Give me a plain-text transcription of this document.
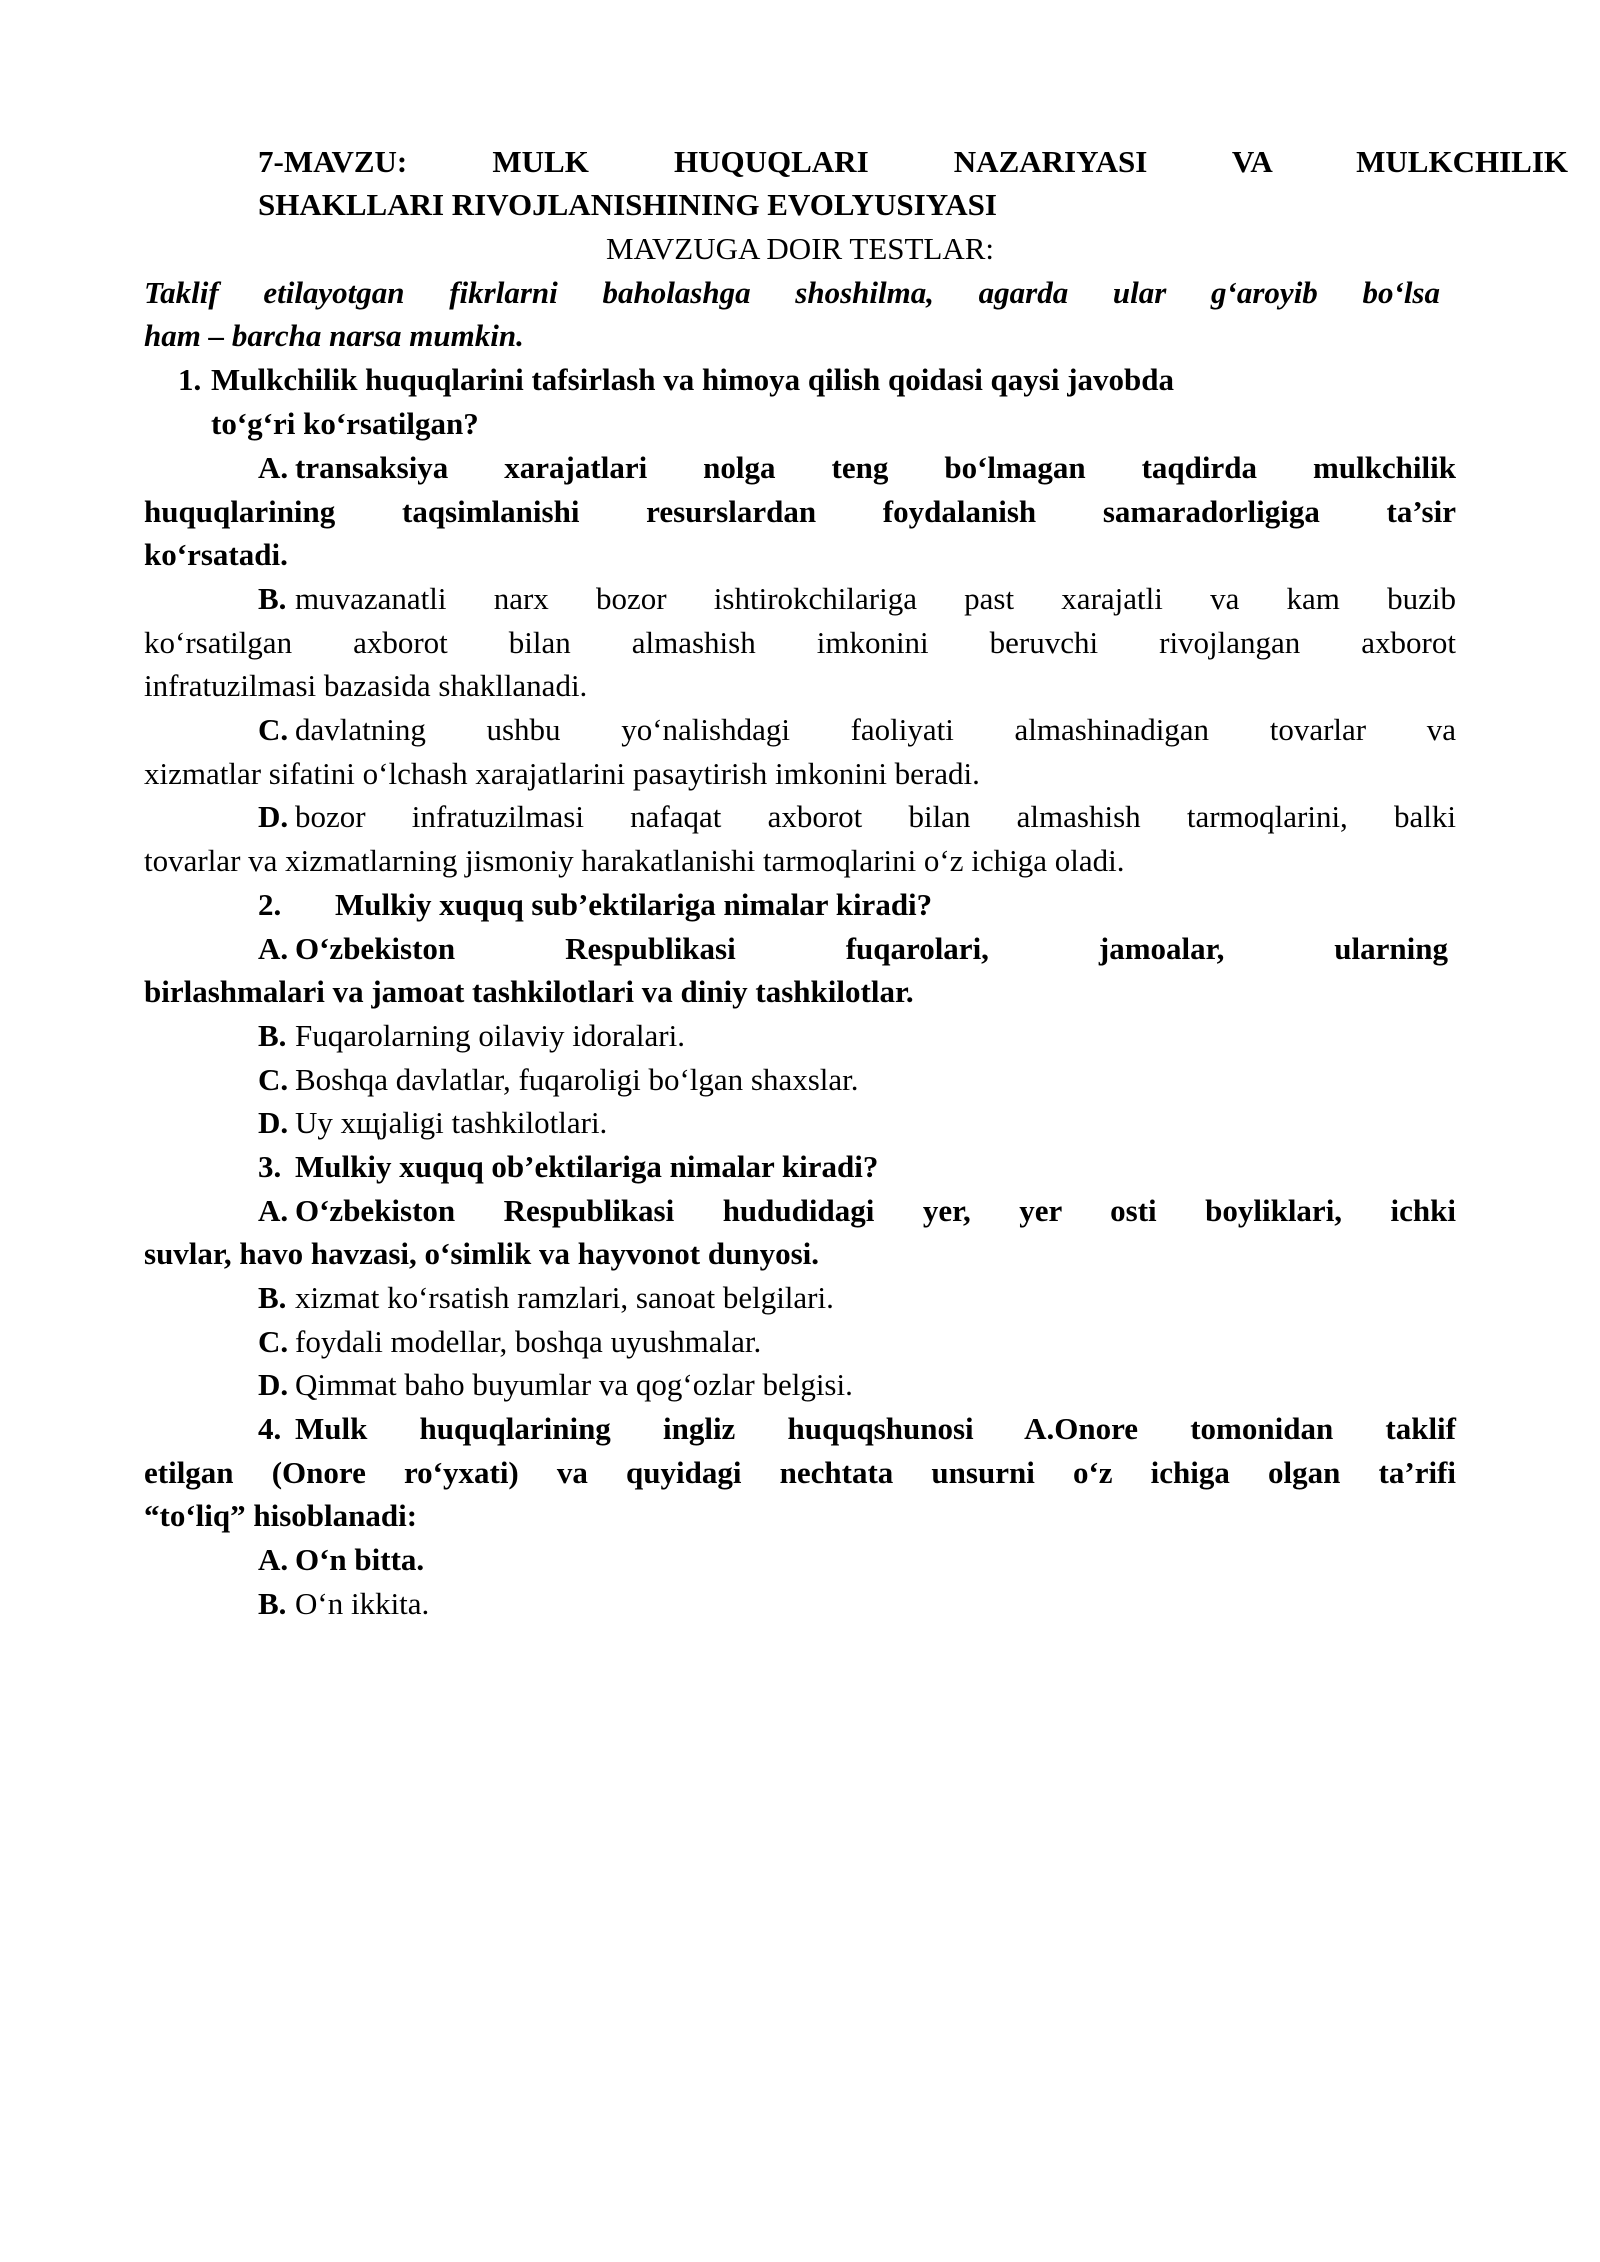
7-MAVZU:	MULK	HUQUQLARI	NAZARIYASI	VA	MULKCHILIK
SHAKLLARI RIVOJLANISHINING EVOLYUSIYASI
MAVZUGA DOIR TESTLAR:
Taklif etilayotgan fikrlarni baholashga shoshilma, agarda ular g‘aroyib bo‘lsa
ham – barcha narsa mumkin.
1. Mulkchilik huquqlarini tafsirlash va himoya qilish qoidasi qaysi javobda
to‘g‘ri ko‘rsatilgan?
A. transaksiya xarajatlari nolga teng bo‘lmagan taqdirda mulkchilik
huquqlarining taqsimlanishi resurslardan foydalanish samaradorligiga ta’sir
ko‘rsatadi.
B. muvazanatli narx bozor ishtirokchilariga past xarajatli va kam buzib
ko‘rsatilgan axborot bilan almashish imkonini beruvchi rivojlangan axborot
infratuzilmasi bazasida shakllanadi.
C. davlatning ushbu yo‘nalishdagi faoliyati almashinadigan tovarlar va
xizmatlar sifatini o‘lchash xarajatlarini pasaytirish imkonini beradi.
D. bozor infratuzilmasi nafaqat axborot bilan almashish tarmoqlarini, balki
tovarlar va xizmatlarning jismoniy harakatlanishi tarmoqlarini o‘z ichiga oladi.
2. Mulkiy xuquq sub’ektilariga nimalar kiradi?
A. O‘zbekiston Respublikasi fuqarolari, jamoalar, ularning
birlashmalari va jamoat tashkilotlari va diniy tashkilotlar.
B. Fuqarolarning oilaviy idoralari.
C. Boshqa davlatlar, fuqaroligi bo‘lgan shaxslar.
D. Uy хщjaligi tashkilotlari.
3. Mulkiy xuquq ob’ektilariga nimalar kiradi?
A. O‘zbekiston Respublikasi hududidagi yer, yer osti boyliklari, ichki
suvlar, havo havzasi, o‘simlik va hayvonot dunyosi.
B. xizmat ko‘rsatish ramzlari, sanoat belgilari.
C. foydali modellar, boshqa uyushmalar.
D. Qimmat baho buyumlar va qog‘ozlar belgisi.
4. Mulk huquqlarining ingliz huquqshunosi A.Onore tomonidan taklif
etilgan (Onore ro‘yxati) va quyidagi nechtata unsurni o‘z ichiga olgan ta’rifi
“to‘liq” hisoblanadi:
A. O‘n bitta.
B. O‘n ikkita.
